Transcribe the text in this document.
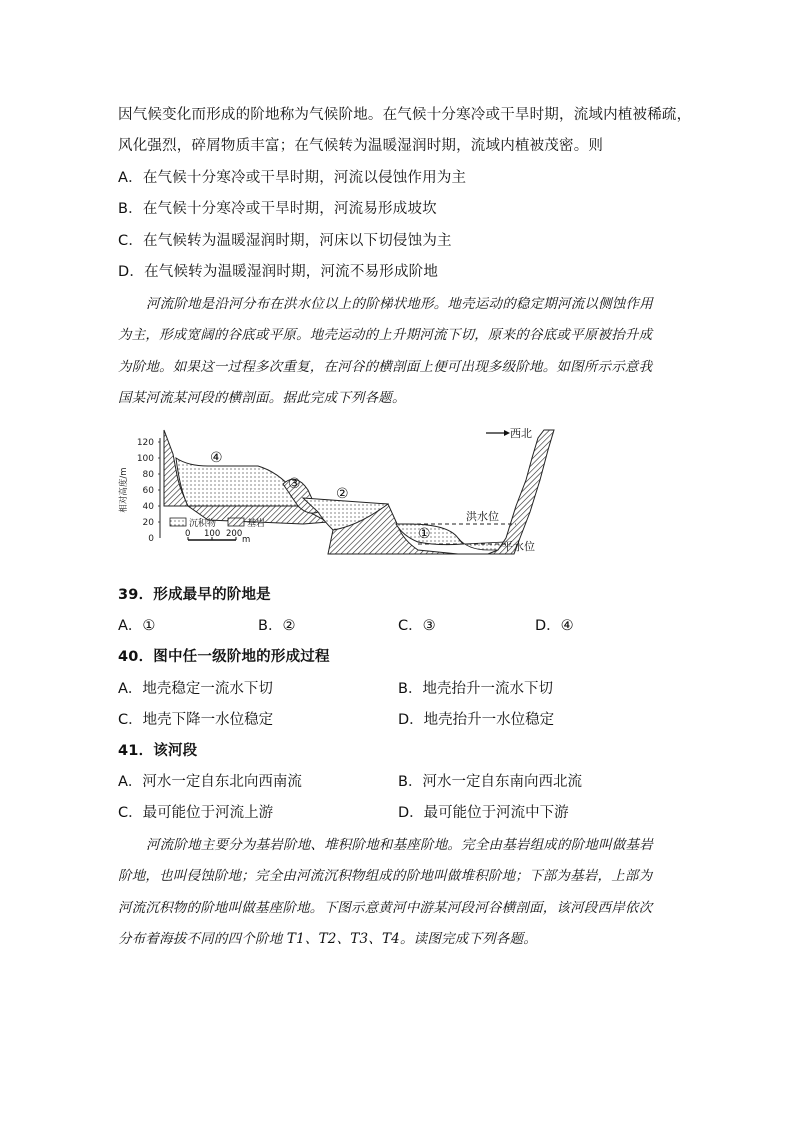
因气候变化而形成的阶地称为气候阶地。在气候十分寒冷或干旱时期，流域内植被稀疏，
风化强烈，碎屑物质丰富；在气候转为温暖湿润时期，流域内植被茂密。则
A．在气候十分寒冷或干旱时期，河流以侵蚀作用为主
B．在气候十分寒冷或干旱时期，河流易形成坡坎
C．在气候转为温暖湿润时期，河床以下切侵蚀为主
D．在气候转为温暖湿润时期，河流不易形成阶地
河流阶地是沿河分布在洪水位以上的阶梯状地形。地壳运动的稳定期河流以侧蚀作用
为主，形成宽阔的谷底或平原。地壳运动的上升期河流下切，原来的谷底或平原被抬升成
为阶地。如果这一过程多次重复，在河谷的横剖面上便可出现多级阶地。如图所示示意我
国某河流某河段的横剖面。据此完成下列各题。
120
100
80
60
40
20
0
相对高度/m
洪水位
平水位
④
③
②
①
西北
沉积物	基岩
0 100 200
m
39．形成最早的阶地是
A．①	B．②	C．③	D．④
40．图中任一级阶地的形成过程
A．地壳稳定一流水下切	B．地壳抬升一流水下切
C．地壳下降一水位稳定	D．地壳抬升一水位稳定
41．该河段
A．河水一定自东北向西南流	B．河水一定自东南向西北流
C．最可能位于河流上游	D．最可能位于河流中下游
河流阶地主要分为基岩阶地、堆积阶地和基座阶地。完全由基岩组成的阶地叫做基岩
阶地，也叫侵蚀阶地；完全由河流沉积物组成的阶地叫做堆积阶地；下部为基岩，上部为
河流沉积物的阶地叫做基座阶地。下图示意黄河中游某河段河谷横剖面，该河段西岸依次
分布着海拔不同的四个阶地 T1、T2、T3、T4。读图完成下列各题。
